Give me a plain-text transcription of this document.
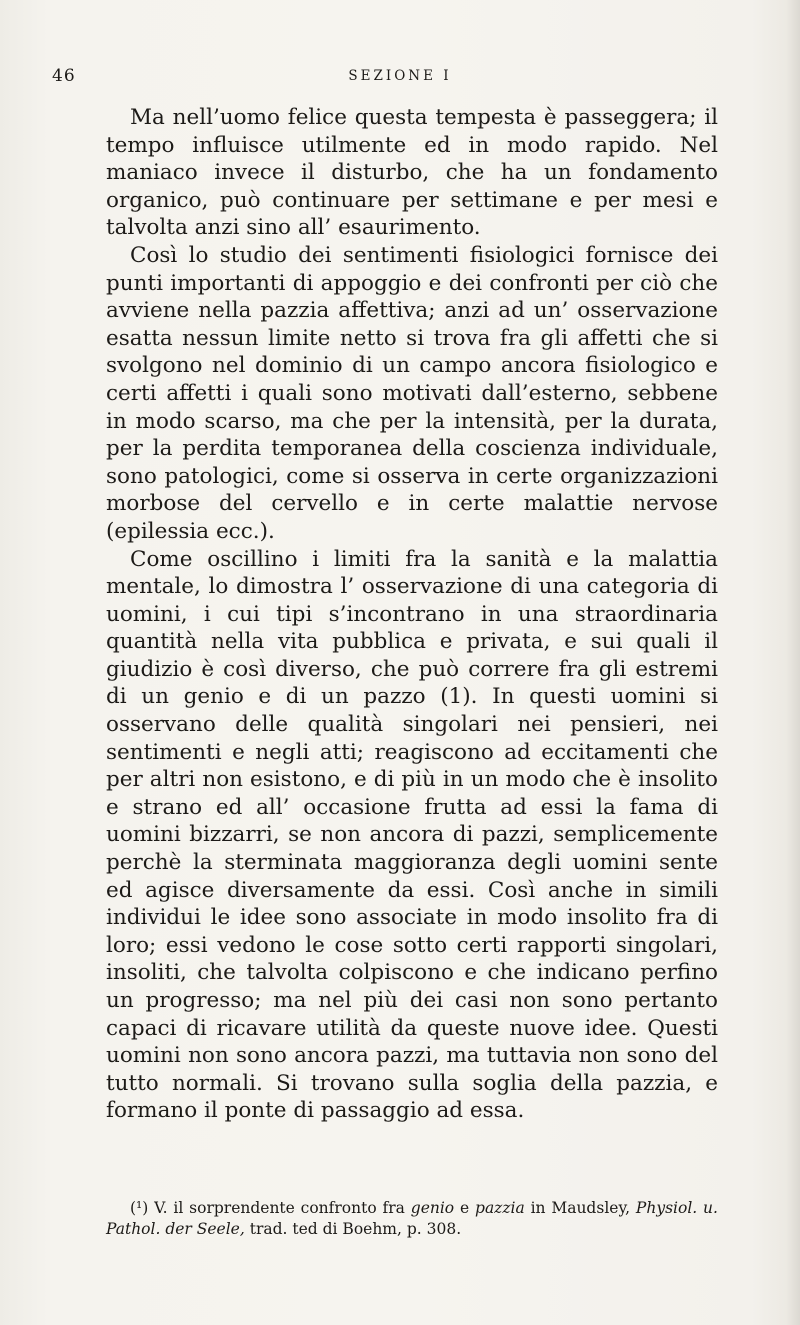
46	SEZIONE I

Ma nell’uomo felice questa tempesta è passeggera; il tempo influisce utilmente ed in modo rapido. Nel maniaco invece il disturbo, che ha un fondamento organico, può continuare per settimane e per mesi e talvolta anzi sino all’ esaurimento.

Così lo studio dei sentimenti fisiologici fornisce dei punti importanti di appoggio e dei confronti per ciò che avviene nella pazzia affettiva; anzi ad un’ osservazione esatta nessun limite netto si trova fra gli affetti che si svolgono nel dominio di un campo ancora fisiologico e certi affetti i quali sono motivati dall’esterno, sebbene in modo scarso, ma che per la intensità, per la durata, per la perdita temporanea della coscienza individuale, sono patologici, come si osserva in certe organizzazioni morbose del cervello e in certe malattie nervose (epilessia ecc.).

Come oscillino i limiti fra la sanità e la malattia mentale, lo dimostra l’ osservazione di una categoria di uomini, i cui tipi s’incontrano in una straordinaria quantità nella vita pubblica e privata, e sui quali il giudizio è così diverso, che può correre fra gli estremi di un genio e di un pazzo (1). In questi uomini si osservano delle qualità singolari nei pensieri, nei sentimenti e negli atti; reagiscono ad eccitamenti che per altri non esistono, e di più in un modo che è insolito e strano ed all’ occasione frutta ad essi la fama di uomini bizzarri, se non ancora di pazzi, semplicemente perchè la sterminata maggioranza degli uomini sente ed agisce diversamente da essi. Così anche in simili individui le idee sono associate in modo insolito fra di loro; essi vedono le cose sotto certi rapporti singolari, insoliti, che talvolta colpiscono e che indicano perfino un progresso; ma nel più dei casi non sono pertanto capaci di ricavare utilità da queste nuove idee. Questi uomini non sono ancora pazzi, ma tuttavia non sono del tutto normali. Si trovano sulla soglia della pazzia, e formano il ponte di passaggio ad essa.

(¹) V. il sorprendente confronto fra genio e pazzia in Maudsley, Physiol. u. Pathol. der Seele, trad. ted di Boehm, p. 308.
